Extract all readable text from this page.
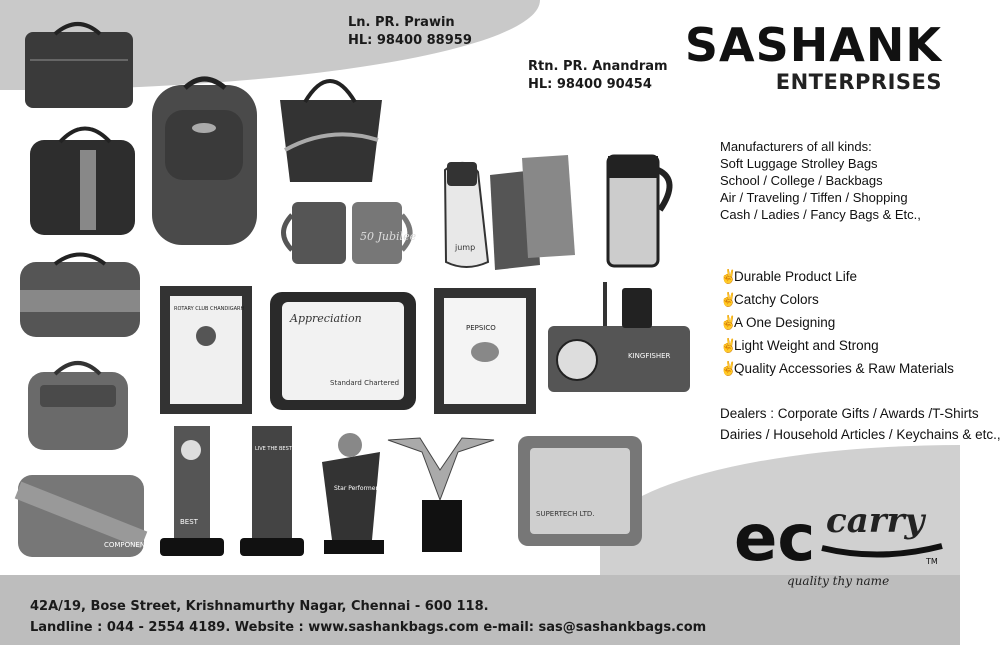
COMPONENTS
50 Jubilee
jump
ROTARY CLUB CHANDIGARH
Appreciation
Standard Chartered
PEPSICO
KINGFISHER
BEST
LIVE THE BEST
Star Performer
SUPERTECH LTD.
Ln. PR. Prawin
HL: 98400 88959
Rtn. PR. Anandram
HL: 98400 90454
SASHANK
ENTERPRISES
Manufacturers of all kinds:
Soft Luggage Strolley Bags
School / College / Backbags
Air / Traveling / Tiffen / Shopping
Cash / Ladies / Fancy Bags & Etc.,
✌Durable Product Life
✌Catchy Colors
✌A One Designing
✌Light Weight and Strong
✌Quality Accessories & Raw Materials
Dealers : Corporate Gifts / Awards /T-Shirts
Dairies / Household Articles / Keychains & etc.,
ec carry
TM
quality thy name
42A/19, Bose Street, Krishnamurthy Nagar, Chennai - 600 118.
Landline : 044 - 2554 4189. Website : www.sashankbags.com e-mail: sas@sashankbags.com
